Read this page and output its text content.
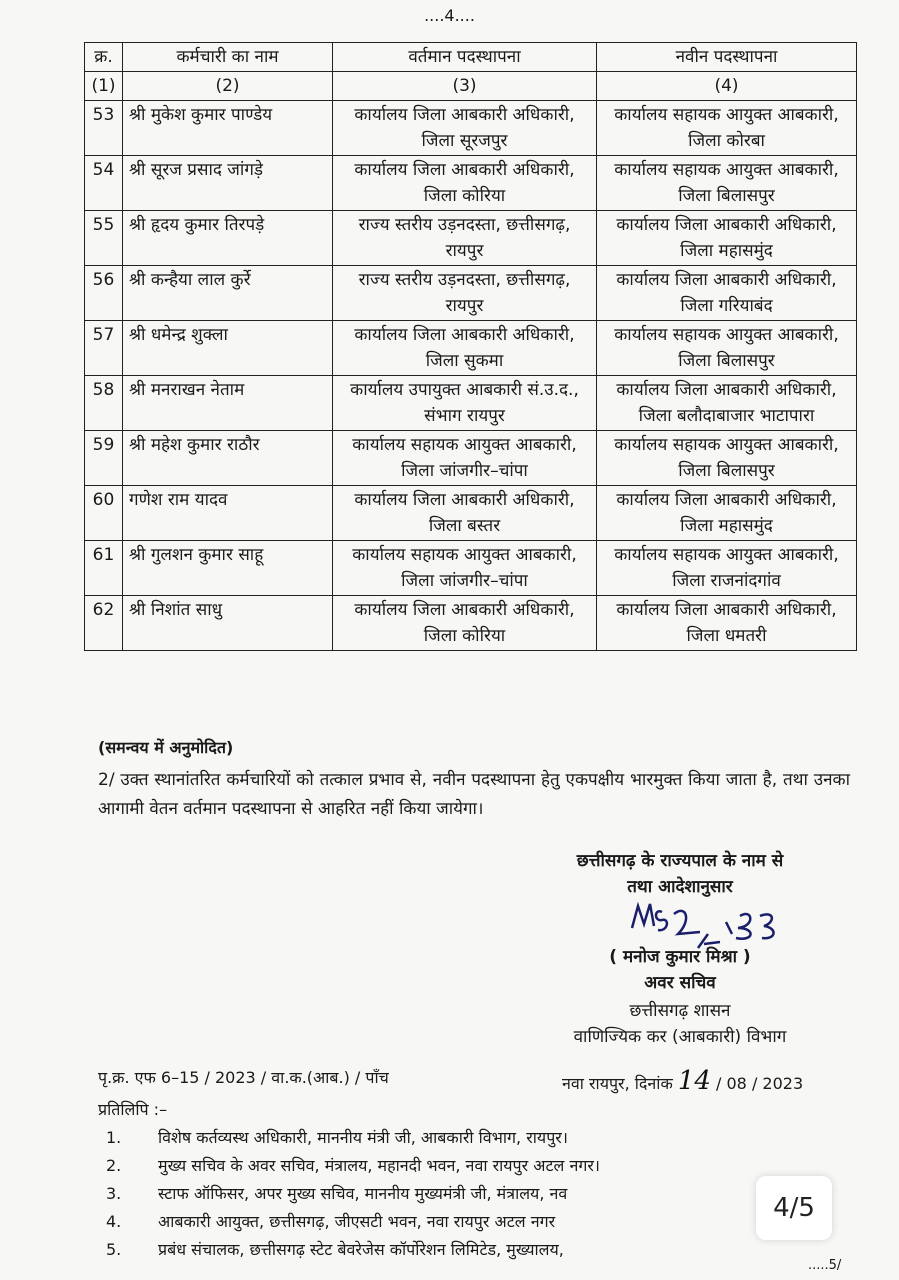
....4....
क्र.	कर्मचारी का नाम	वर्तमान पदस्थापना	नवीन पदस्थापना
(1)	(2)	(3)	(4)
53	श्री मुकेश कुमार पाण्डेय	कार्यालय जिला आबकारी अधिकारी, जिला सूरजपुर	कार्यालय सहायक आयुक्त आबकारी, जिला कोरबा
54	श्री सूरज प्रसाद जांगड़े	कार्यालय जिला आबकारी अधिकारी, जिला कोरिया	कार्यालय सहायक आयुक्त आबकारी, जिला बिलासपुर
55	श्री हृदय कुमार तिरपड़े	राज्य स्तरीय उड़नदस्ता, छत्तीसगढ़, रायपुर	कार्यालय जिला आबकारी अधिकारी, जिला महासमुंद
56	श्री कन्हैया लाल कुर्रे	राज्य स्तरीय उड़नदस्ता, छत्तीसगढ़, रायपुर	कार्यालय जिला आबकारी अधिकारी, जिला गरियाबंद
57	श्री धमेन्द्र शुक्ला	कार्यालय जिला आबकारी अधिकारी, जिला सुकमा	कार्यालय सहायक आयुक्त आबकारी, जिला बिलासपुर
58	श्री मनराखन नेताम	कार्यालय उपायुक्त आबकारी सं.उ.द., संभाग रायपुर	कार्यालय जिला आबकारी अधिकारी, जिला बलौदाबाजार भाटापारा
59	श्री महेश कुमार राठौर	कार्यालय सहायक आयुक्त आबकारी, जिला जांजगीर–चांपा	कार्यालय सहायक आयुक्त आबकारी, जिला बिलासपुर
60	गणेश राम यादव	कार्यालय जिला आबकारी अधिकारी, जिला बस्तर	कार्यालय जिला आबकारी अधिकारी, जिला महासमुंद
61	श्री गुलशन कुमार साहू	कार्यालय सहायक आयुक्त आबकारी, जिला जांजगीर–चांपा	कार्यालय सहायक आयुक्त आबकारी, जिला राजनांदगांव
62	श्री निशांत साधु	कार्यालय जिला आबकारी अधिकारी, जिला कोरिया	कार्यालय जिला आबकारी अधिकारी, जिला धमतरी
(समन्वय में अनुमोदित)
2/ उक्त स्थानांतरित कर्मचारियों को तत्काल प्रभाव से, नवीन पदस्थापना हेतु एकपक्षीय भारमुक्त किया जाता है, तथा उनका आगामी वेतन वर्तमान पदस्थापना से आहरित नहीं किया जायेगा।
छत्तीसगढ़ के राज्यपाल के नाम से
तथा आदेशानुसार
( मनोज कुमार मिश्रा )
अवर सचिव
छत्तीसगढ़ शासन
वाणिज्यिक कर (आबकारी) विभाग
पृ.क्र. एफ 6–15 / 2023 / वा.क.(आब.) / पाँच	नवा रायपुर, दिनांक 14 / 08 / 2023
प्रतिलिपि :–
1. विशेष कर्तव्यस्थ अधिकारी, माननीय मंत्री जी, आबकारी विभाग, रायपुर।
2. मुख्य सचिव के अवर सचिव, मंत्रालय, महानदी भवन, नवा रायपुर अटल नगर।
3. स्टाफ ऑफिसर, अपर मुख्य सचिव, माननीय मुख्यमंत्री जी, मंत्रालय, नव
4. आबकारी आयुक्त, छत्तीसगढ़, जीएसटी भवन, नवा रायपुर अटल नगर
5. प्रबंध संचालक, छत्तीसगढ़ स्टेट बेवरेजेस कॉर्पोरेशन लिमिटेड, मुख्यालय,
4/5
.....5/
